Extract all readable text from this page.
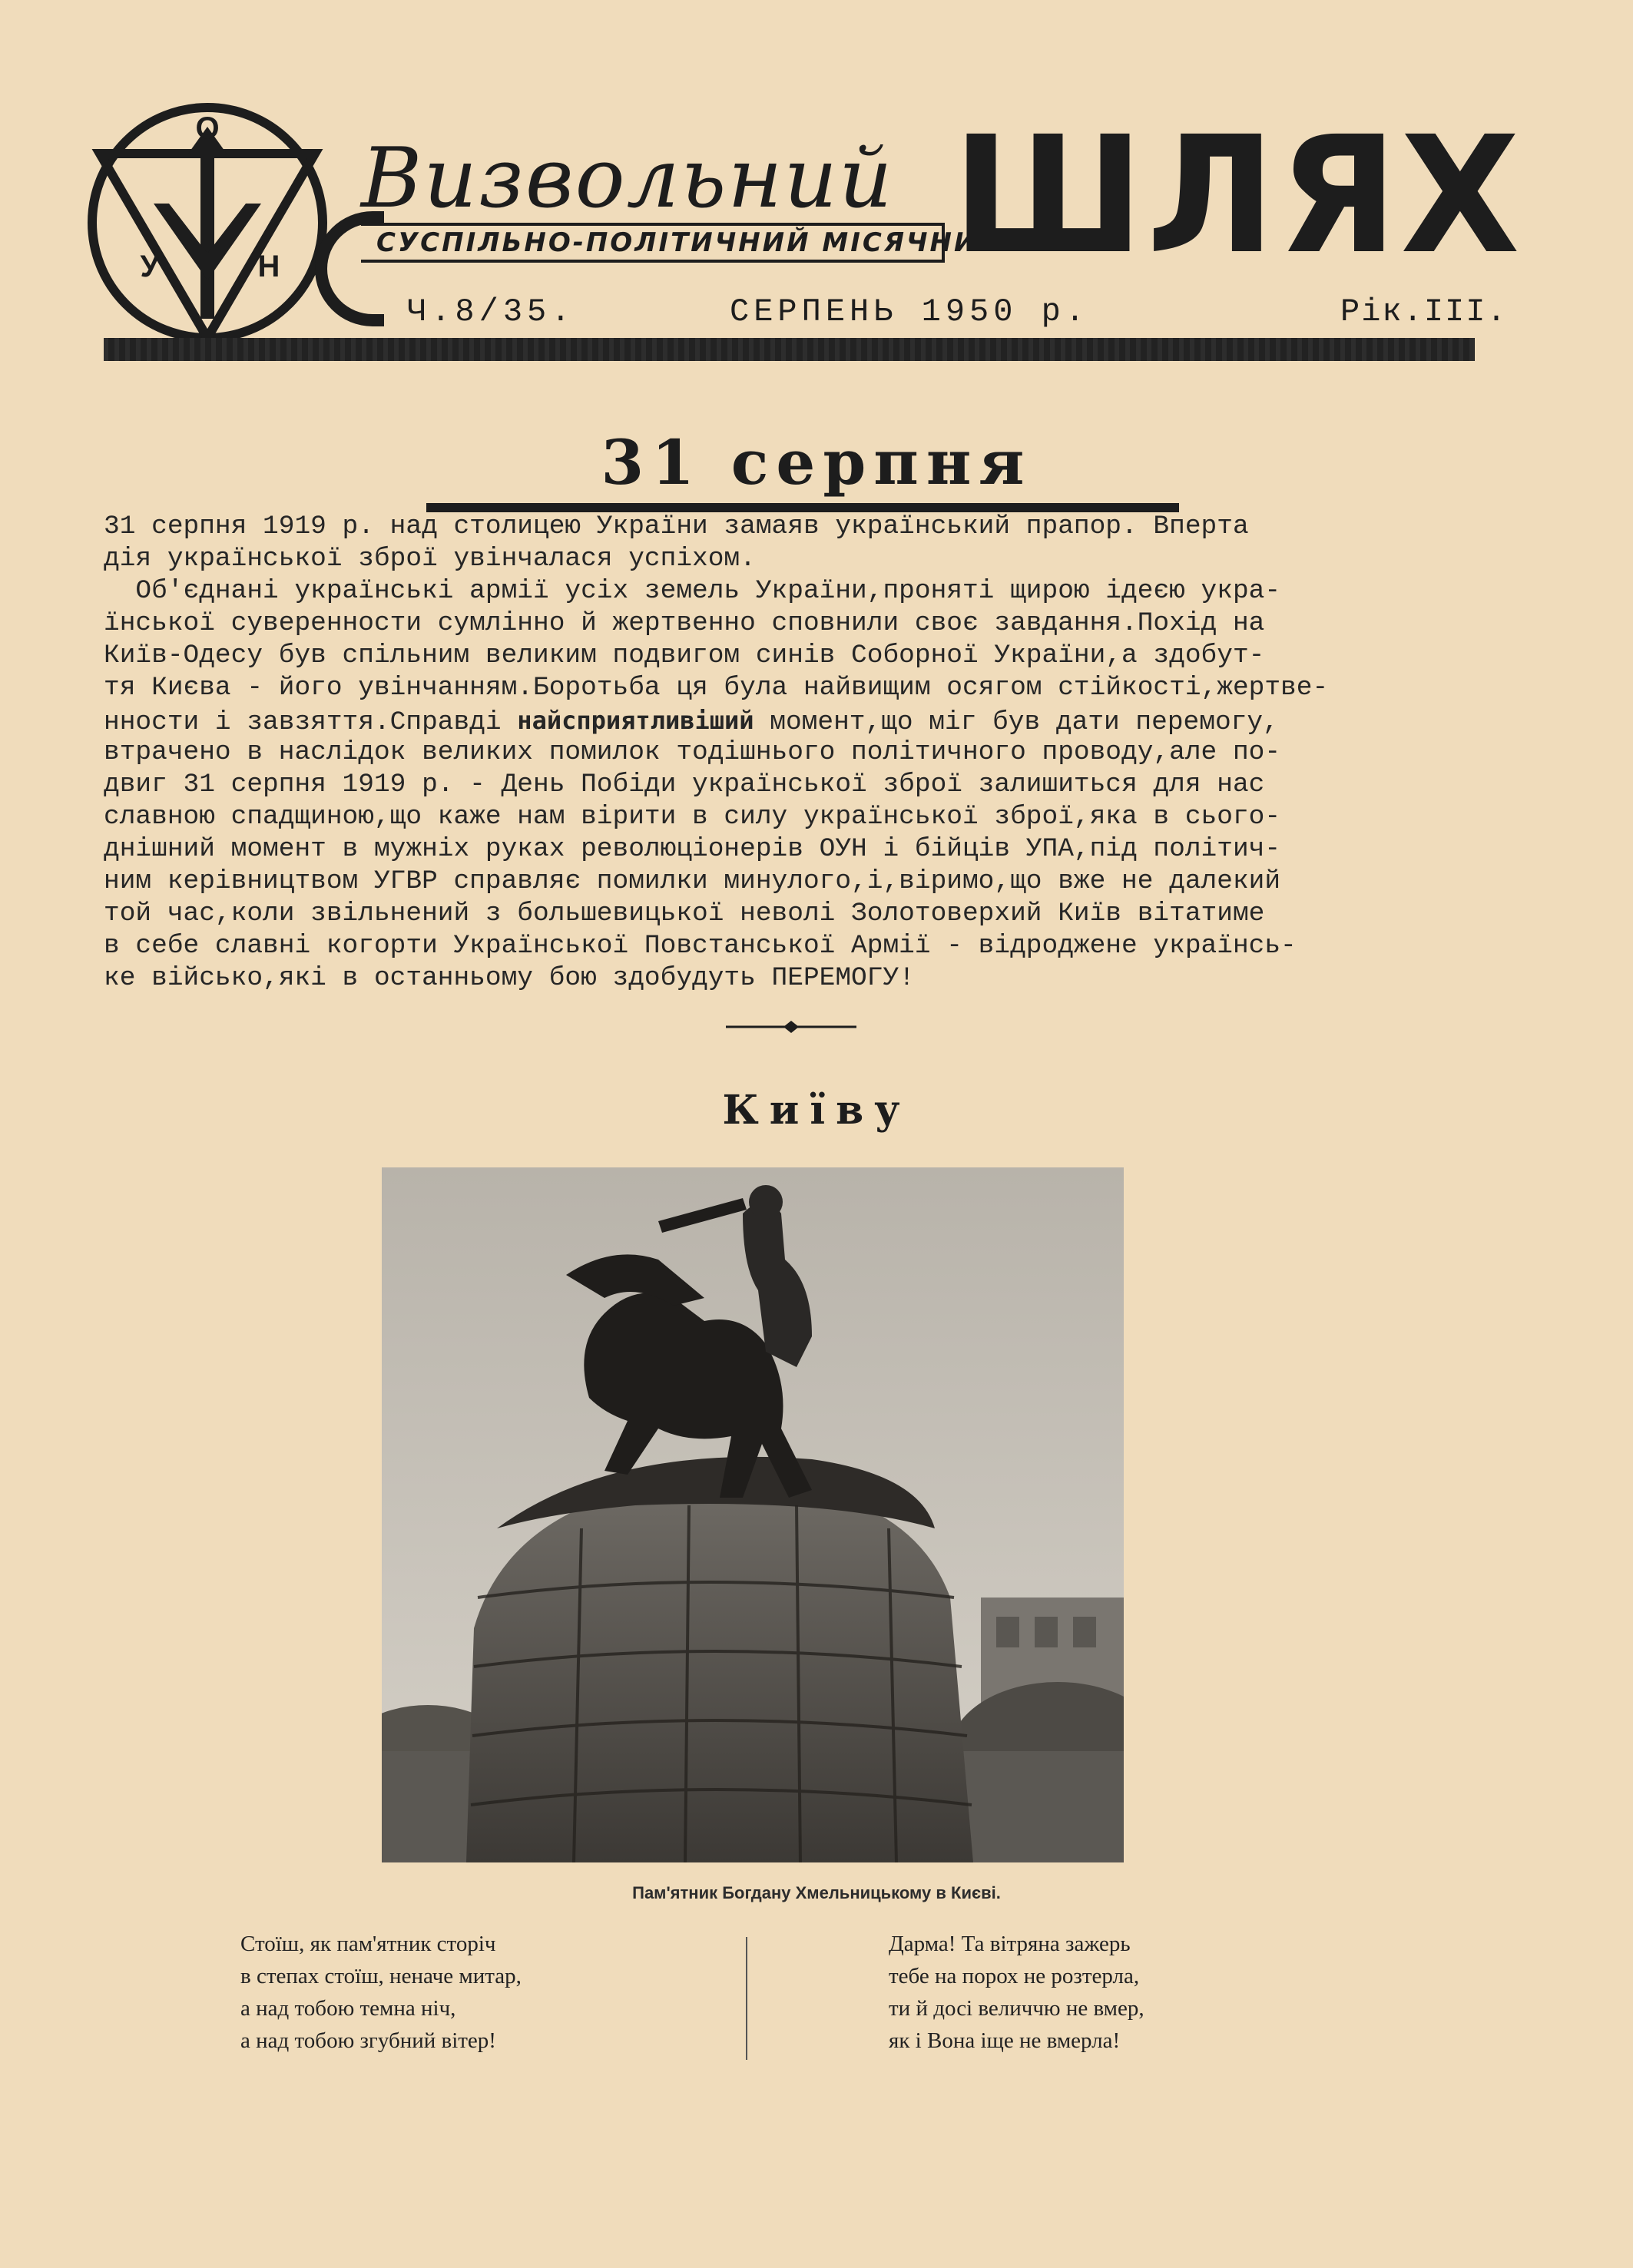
О
У	Н
Визвольний
СУСПІЛЬНО-ПОЛІТИЧНИЙ МІСЯЧНИК
ШЛЯХ
Ч.8/35.	СЕРПЕНЬ 1950 р.	Рік.III.
31 серпня
31 серпня 1919 р. над столицею України замаяв український прапор. Вперта
дія української зброї увінчалася успіхом.
Об'єднані українські армії усіх земель України,пронятi щирою ідеєю укра-
їнської суверенности сумлінно й жертвенно сповнили своє завдання.Похід на
Київ-Одесу був спільним великим подвигом синів Соборної України,а здобут-
тя Києва - його увінчанням.Боротьба ця була найвищим осягом стійкості,жертве-
нности і завзяття.Справді найсприятливіший момент,що міг був дати перемогу,
втрачено в наслідок великих помилок тодішнього політичного проводу,але по-
двиг 31 серпня 1919 р. - День Побіди української зброї залишиться для нас
славною спадщиною,що каже нам вірити в силу української зброї,яка в сього-
днішний момент в мужніх руках революціонерів ОУН і бійців УПА,під політич-
ним керівництвом УГВР справляє помилки минулого,і,віримо,що вже не далекий
той час,коли звільнений з большевицької неволі Золотоверхий Київ вітатиме
в себе славні когорти Української Повстанської Армії - відроджене українсь-
ке військо,які в останньому бою здобудуть ПЕРЕМОГУ!
Київу
Пам'ятник Богдану Хмельницькому в Києві.
Стоїш, як пам'ятник сторіч
в степах стоїш, неначе митар,
а над тобою темна ніч,
а над тобою згубний вітер!
Дарма! Та вітряна зажерь
тебе на порох не розтерла,
ти й досі величчю не вмер,
як і Вона іще не вмерла!
